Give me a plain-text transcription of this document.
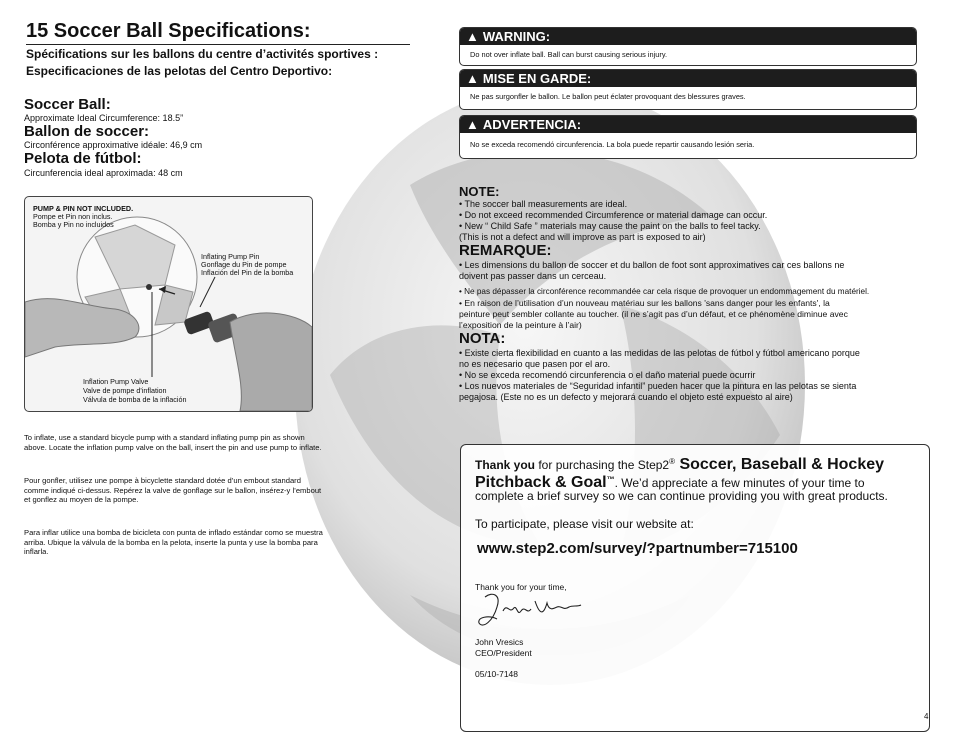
15 Soccer Ball Specifications:
Spécifications sur les ballons du centre d’activités sportives :
Especificaciones de las pelotas del Centro Deportivo:
Soccer Ball:
Approximate Ideal Circumference: 18.5”
Ballon de soccer:
Circonférence approximative idéale: 46,9 cm
Pelota de fútbol:
Circunferencia ideal aproximada: 48 cm
PUMP & PIN NOT INCLUDED.
Pompe et Pin non inclus.
Bomba y Pin no incluidos
Inflating Pump Pin
Gonflage du Pin de pompe
Inflación del Pin de la bomba
Inflation Pump Valve
Valve de pompe d'inflation
Válvula de bomba de la inflación
To inflate, use a standard bicycle pump with a standard inflating pump pin as shown above. Locate the inflation pump valve on the ball, insert the pin and use pump to inflate.
Pour gonfler, utilisez une pompe à bicyclette standard dotée d’un embout standard comme indiqué ci-dessus. Repérez la valve de gonflage sur le ballon, insérez-y l’embout et gonflez au moyen de la pompe.
Para inflar utilice una bomba de bicicleta con punta de inflado estándar como se muestra arriba. Ubique la válvula de la bomba en la pelota, inserte la punta y use la bomba para inflarla.
▲ WARNING:
Do not over inflate ball. Ball can burst causing serious injury.
▲ MISE EN GARDE:
Ne pas surgonfler le ballon. Le ballon peut éclater provoquant des blessures graves.
▲ ADVERTENCIA:
No se exceda recomendó circunferencia. La bola puede repartir causando lesión seria.
NOTE:
• The soccer ball measurements are ideal.
• Do not exceed recommended Circumference or material damage can occur.
• New “ Child Safe ” materials may cause the paint on the balls to feel tacky.
(This is not a defect and will improve as part is exposed to air)
REMARQUE:
• Les dimensions du ballon de soccer et du ballon de foot sont approximatives car ces ballons ne
doivent pas passer dans un cerceau.
• Ne pas dépasser la circonférence recommandée car cela risque de provoquer un endommagement du matériel.
• En raison de l’utilisation d’un nouveau matériau sur les ballons 'sans danger pour les enfants', la
peinture peut sembler collante au toucher. (il ne s’agit pas d’un défaut, et ce phénomène diminue avec
l’exposition de la peinture à l’air)
NOTA:
• Existe cierta flexibilidad en cuanto a las medidas de las pelotas de fútbol y fútbol americano porque
no es necesario que pasen por el aro.
• No se exceda recomendó circunferencia o el daño material puede ocurrir
• Los nuevos materiales de “Seguridad infantil” pueden hacer que la pintura en las pelotas se sienta
pegajosa. (Este no es un defecto y mejorará cuando el objeto esté expuesto al aire)
Thank you for purchasing the Step2® Soccer, Baseball & Hockey
Pitchback & Goal™. We’d appreciate a few minutes of your time to
complete a brief survey so we can continue providing you with great products.
To participate, please visit our website at:
www.step2.com/survey/?partnumber=715100
Thank you for your time,
John Vresics
CEO/President
05/10-7148
4
